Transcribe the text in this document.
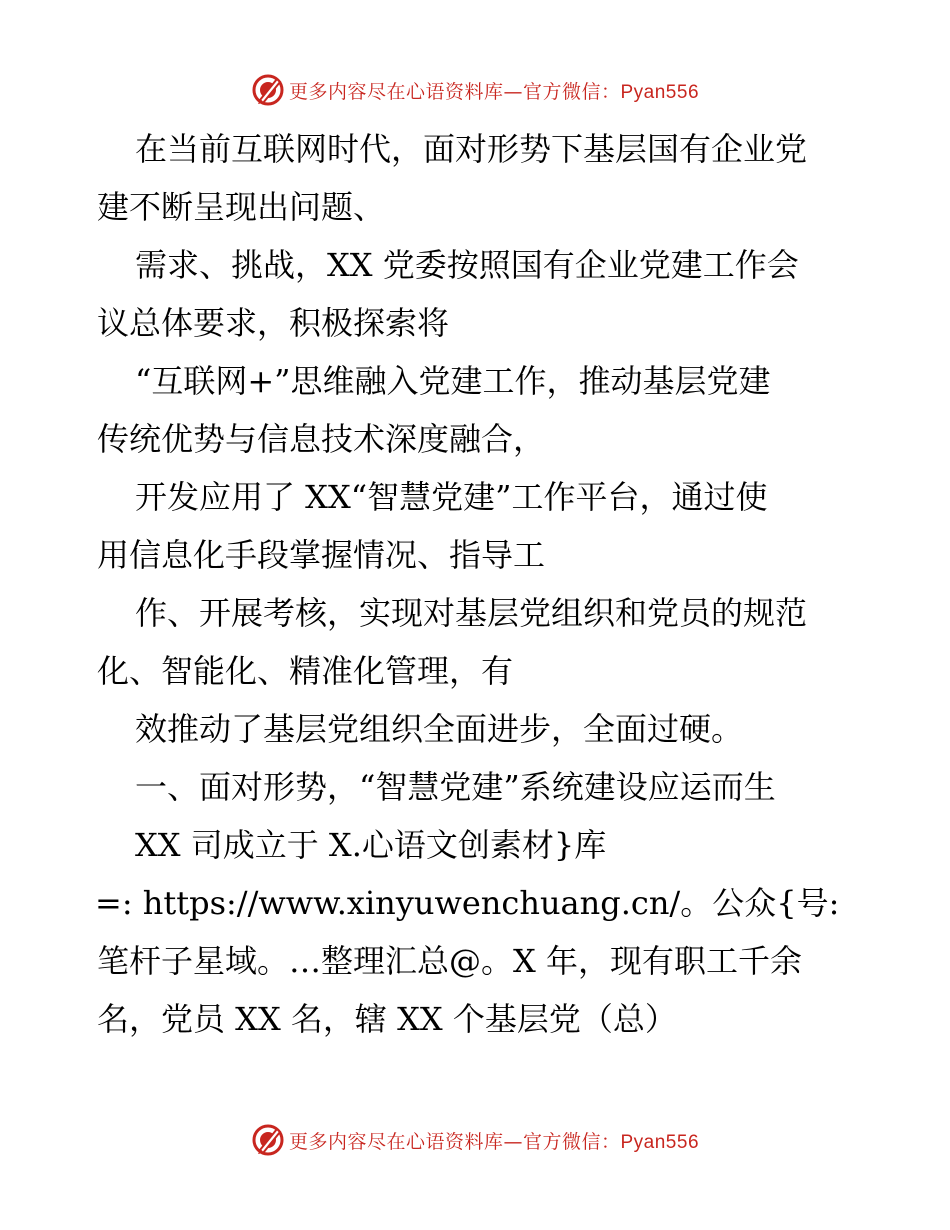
更多内容尽在心语资料库—官方微信：Pyan556
在当前互联网时代，面对形势下基层国有企业党
建不断呈现出问题、
需求、挑战，XX 党委按照国有企业党建工作会
议总体要求，积极探索将
“互联网+”思维融入党建工作，推动基层党建
传统优势与信息技术深度融合，
开发应用了 XX“智慧党建”工作平台，通过使
用信息化手段掌握情况、指导工
作、开展考核，实现对基层党组织和党员的规范
化、智能化、精准化管理，有
效推动了基层党组织全面进步，全面过硬。
一、面对形势，“智慧党建”系统建设应运而生
XX 司成立于 X.心语文创素材}库
=: https://www.xinyuwenchuang.cn/。公众{号:
笔杆子星域。…整理汇总@。X 年，现有职工千余
名，党员 XX 名，辖 XX 个基层党（总）
更多内容尽在心语资料库—官方微信：Pyan556
